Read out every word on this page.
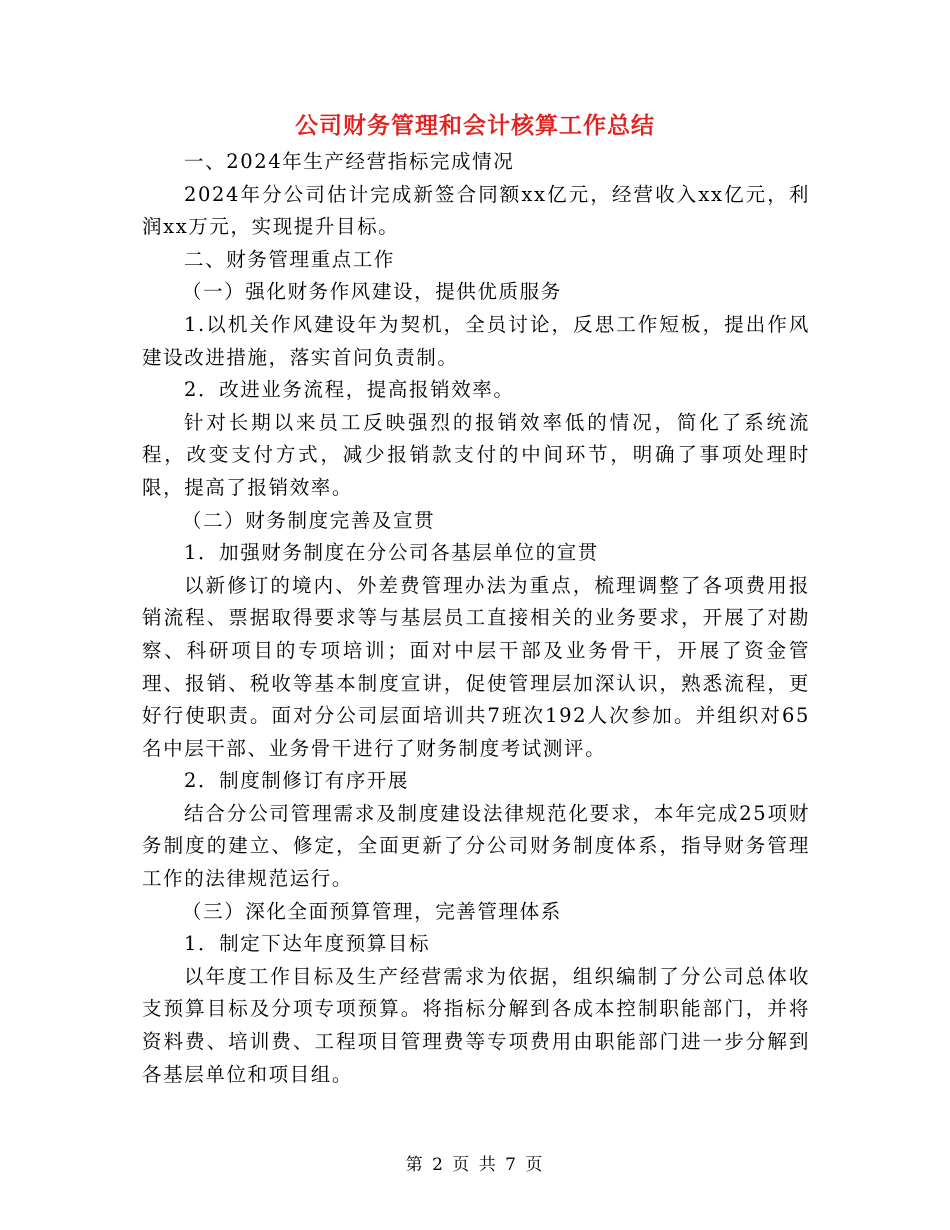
公司财务管理和会计核算工作总结

一、2024年生产经营指标完成情况

2024年分公司估计完成新签合同额xx亿元，经营收入xx亿元，利润xx万元，实现提升目标。

二、财务管理重点工作

（一）强化财务作风建设，提供优质服务

1.以机关作风建设年为契机，全员讨论，反思工作短板，提出作风建设改进措施，落实首问负责制。

2．改进业务流程，提高报销效率。

针对长期以来员工反映强烈的报销效率低的情况，简化了系统流程，改变支付方式，减少报销款支付的中间环节，明确了事项处理时限，提高了报销效率。

（二）财务制度完善及宣贯

1．加强财务制度在分公司各基层单位的宣贯

以新修订的境内、外差费管理办法为重点，梳理调整了各项费用报销流程、票据取得要求等与基层员工直接相关的业务要求，开展了对勘察、科研项目的专项培训；面对中层干部及业务骨干，开展了资金管理、报销、税收等基本制度宣讲，促使管理层加深认识，熟悉流程，更好行使职责。面对分公司层面培训共7班次192人次参加。并组织对65名中层干部、业务骨干进行了财务制度考试测评。

2．制度制修订有序开展

结合分公司管理需求及制度建设法律规范化要求，本年完成25项财务制度的建立、修定，全面更新了分公司财务制度体系，指导财务管理工作的法律规范运行。

（三）深化全面预算管理，完善管理体系

1．制定下达年度预算目标

以年度工作目标及生产经营需求为依据，组织编制了分公司总体收支预算目标及分项专项预算。将指标分解到各成本控制职能部门，并将资料费、培训费、工程项目管理费等专项费用由职能部门进一步分解到各基层单位和项目组。

第 2 页 共 7 页
